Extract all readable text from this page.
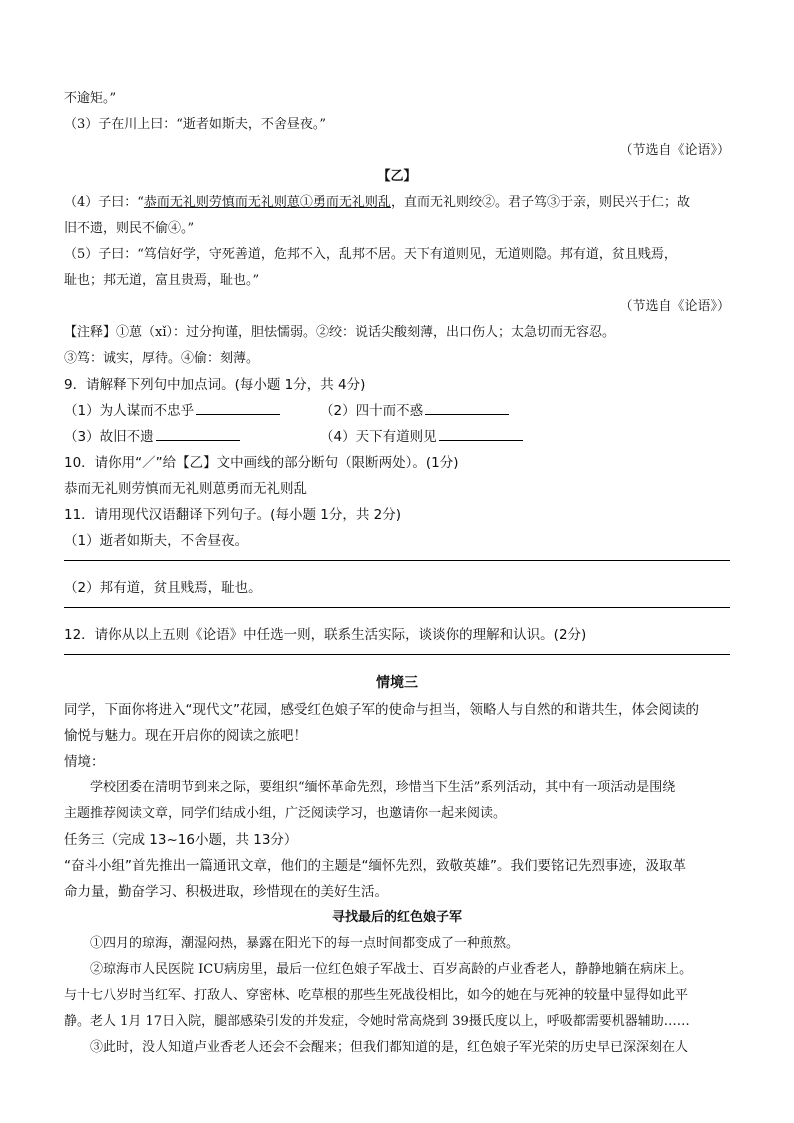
不逾矩。”
（3）子在川上曰：“逝者如斯夫，不舍昼夜。”
（节选自《论语》）
【乙】
（4）子曰：“恭而无礼则劳慎而无礼则葸①勇而无礼则乱，直而无礼则绞②。君子笃③于亲，则民兴于仁；故
旧不遗，则民不偷④。”
（5）子曰：“笃信好学，守死善道，危邦不入，乱邦不居。天下有道则见，无道则隐。邦有道，贫且贱焉，
耻也；邦无道，富且贵焉，耻也。”
（节选自《论语》）
【注释】①葸（xǐ）：过分拘谨，胆怯懦弱。②绞：说话尖酸刻薄，出口伤人；太急切而无容忍。
③笃：诚实，厚待。④偷：刻薄。
9．请解释下列句中加点词。(每小题 1分，共 4分)
（1）为人谋而不忠乎	（2）四十而不惑
（3）故旧不遗	（4）天下有道则见
10．请你用“／”给【乙】文中画线的部分断句（限断两处）。(1分)
恭而无礼则劳慎而无礼则葸勇而无礼则乱
11．请用现代汉语翻译下列句子。(每小题 1分，共 2分)
（1）逝者如斯夫，不舍昼夜。
（2）邦有道，贫且贱焉，耻也。
12．请你从以上五则《论语》中任选一则，联系生活实际，谈谈你的理解和认识。(2分)
情境三
同学，下面你将进入“现代文”花园，感受红色娘子军的使命与担当，领略人与自然的和谐共生，体会阅读的
愉悦与魅力。现在开启你的阅读之旅吧！
情境：
学校团委在清明节到来之际，要组织“缅怀革命先烈，珍惜当下生活”系列活动，其中有一项活动是围绕
主题推荐阅读文章，同学们结成小组，广泛阅读学习，也邀请你一起来阅读。
任务三（完成 13~16小题，共 13分）
“奋斗小组”首先推出一篇通讯文章，他们的主题是“缅怀先烈，致敬英雄”。我们要铭记先烈事迹，汲取革
命力量，勤奋学习、积极进取，珍惜现在的美好生活。
寻找最后的红色娘子军
①四月的琼海，潮湿闷热，暴露在阳光下的每一点时间都变成了一种煎熬。
②琼海市人民医院 ICU病房里，最后一位红色娘子军战士、百岁高龄的卢业香老人，静静地躺在病床上。
与十七八岁时当红军、打敌人、穿密林、吃草根的那些生死战役相比，如今的她在与死神的较量中显得如此平
静。老人 1月 17日入院，腿部感染引发的并发症，令她时常高烧到 39摄氏度以上，呼吸都需要机器辅助……
③此时，没人知道卢业香老人还会不会醒来；但我们都知道的是，红色娘子军光荣的历史早已深深刻在人
